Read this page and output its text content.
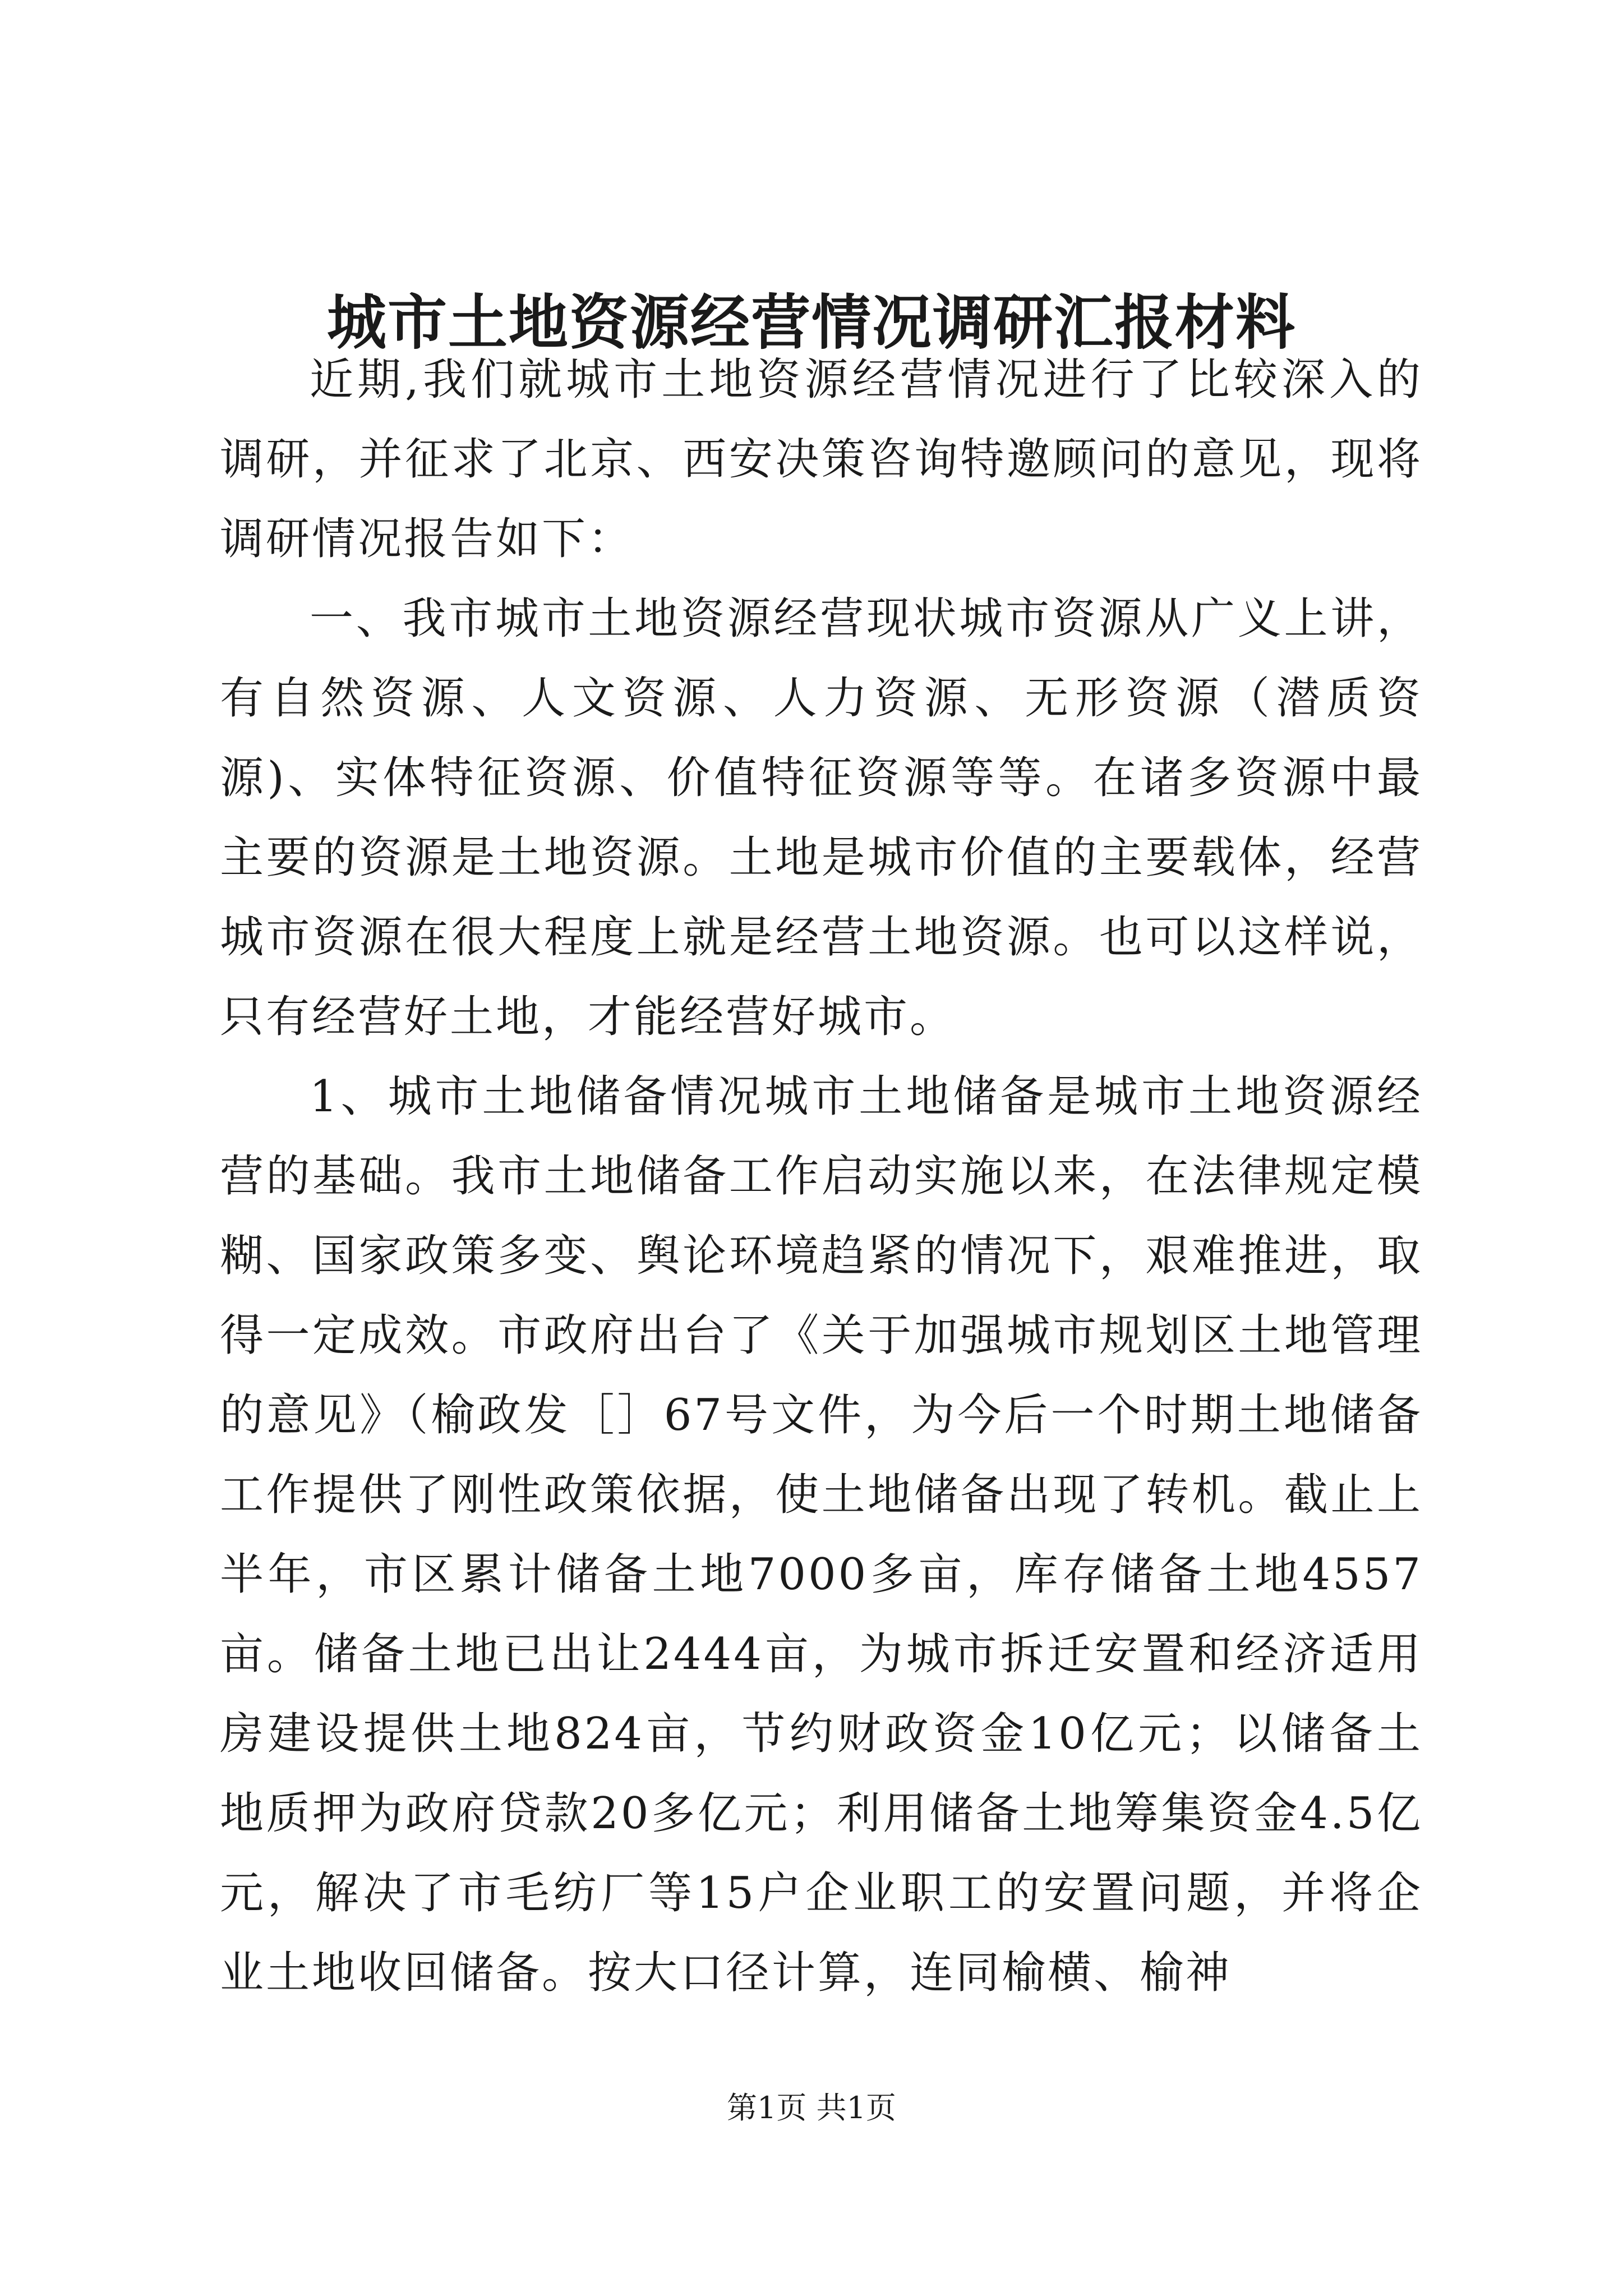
城市土地资源经营情况调研汇报材料

近期,我们就城市土地资源经营情况进行了比较深入的调研，并征求了北京、西安决策咨询特邀顾问的意见，现将调研情况报告如下：

一、我市城市土地资源经营现状城市资源从广义上讲，有自然资源、人文资源、人力资源、无形资源（潜质资源)、实体特征资源、价值特征资源等等。在诸多资源中最主要的资源是土地资源。土地是城市价值的主要载体，经营城市资源在很大程度上就是经营土地资源。也可以这样说，只有经营好土地，才能经营好城市。

1、城市土地储备情况城市土地储备是城市土地资源经营的基础。我市土地储备工作启动实施以来，在法律规定模糊、国家政策多变、舆论环境趋紧的情况下，艰难推进，取得一定成效。市政府出台了《关于加强城市规划区土地管理的意见》（榆政发［］67号文件，为今后一个时期土地储备工作提供了刚性政策依据，使土地储备出现了转机。截止上半年，市区累计储备土地7000多亩，库存储备土地4557亩。储备土地已出让2444亩，为城市拆迁安置和经济适用房建设提供土地824亩，节约财政资金10亿元；以储备土地质押为政府贷款20多亿元；利用储备土地筹集资金4.5亿元，解决了市毛纺厂等15户企业职工的安置问题，并将企业土地收回储备。按大口径计算，连同榆横、榆神

第1页 共1页
